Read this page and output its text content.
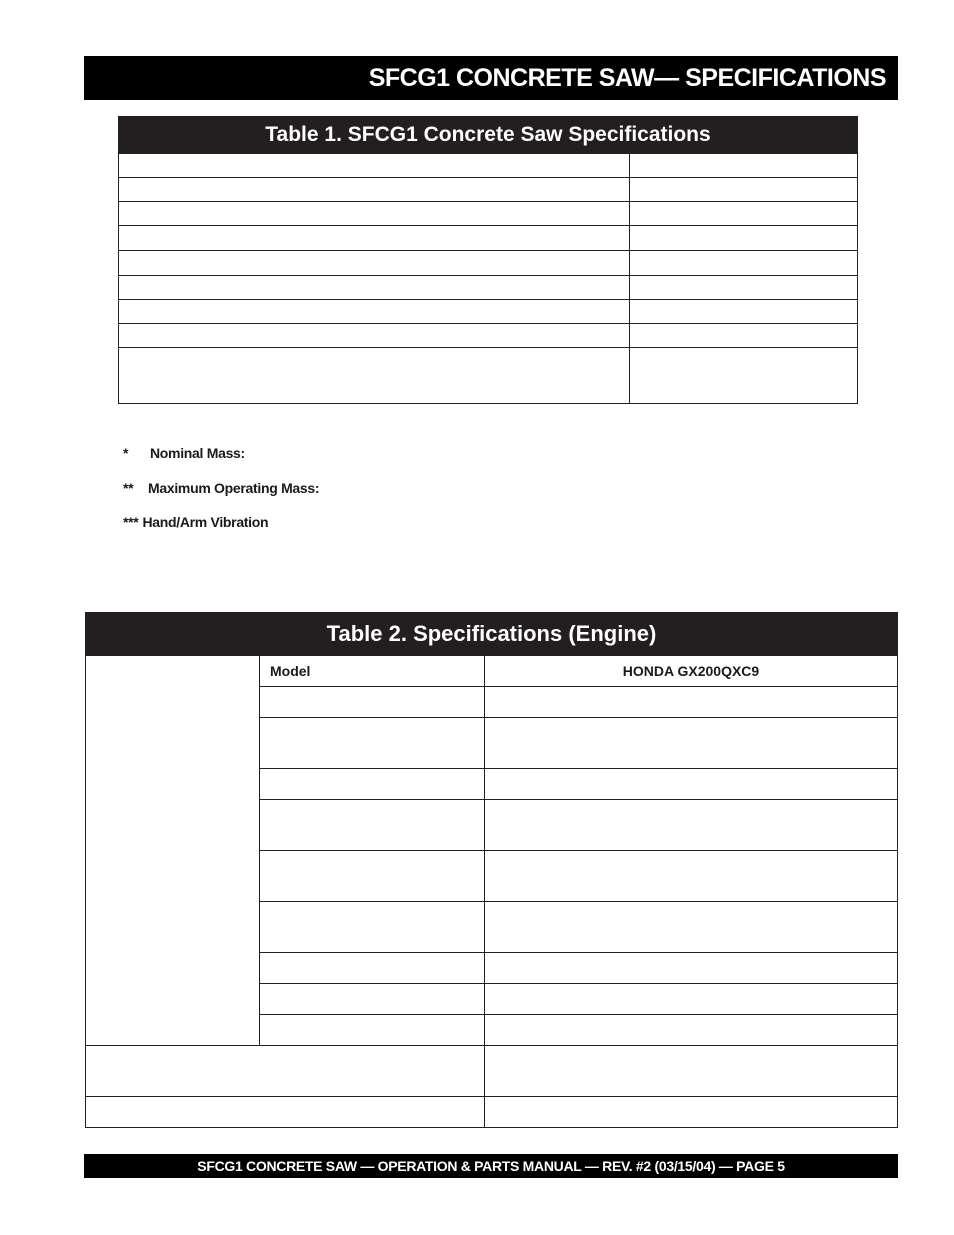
SFCG1 CONCRETE SAW— SPECIFICATIONS
Table 1. SFCG1 Concrete Saw Specifications

* Nominal Mass:
** Maximum Operating Mass:
*** Hand/Arm Vibration
Table 2. Specifications (Engine)
	Model	HONDA GX200QXC9

SFCG1 CONCRETE SAW — OPERATION & PARTS MANUAL — REV. #2 (03/15/04) — PAGE 5
